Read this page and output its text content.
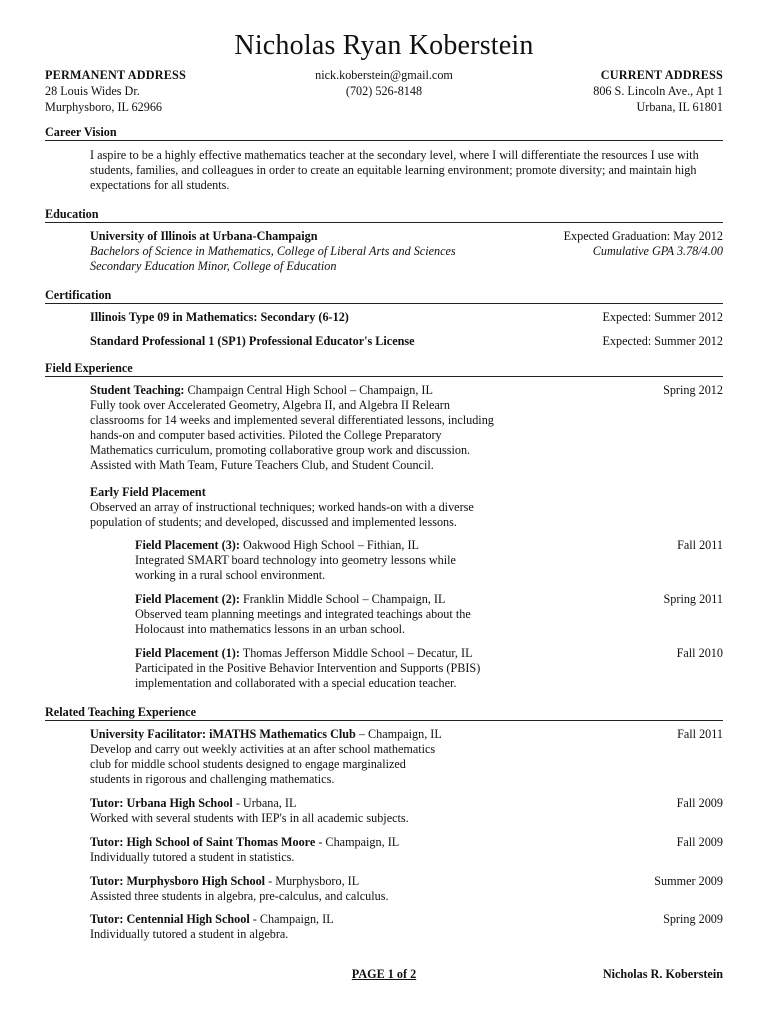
Nicholas Ryan Koberstein
PERMANENT ADDRESS
28 Louis Wides Dr.
Murphysboro, IL 62966
nick.koberstein@gmail.com
(702) 526-8148
CURRENT ADDRESS
806 S. Lincoln Ave., Apt 1
Urbana, IL 61801
Career Vision

I aspire to be a highly effective mathematics teacher at the secondary level, where I will differentiate the resources I use with students, families, and colleagues in order to create an equitable learning environment; promote diversity; and maintain high expectations for all students.

Education
University of Illinois at Urbana-Champaign	Expected Graduation: May 2012
Bachelors of Science in Mathematics, College of Liberal Arts and Sciences	Cumulative GPA 3.78/4.00
Secondary Education Minor, College of Education
Certification
Illinois Type 09 in Mathematics: Secondary (6-12)	Expected: Summer 2012
Standard Professional 1 (SP1) Professional Educator's License	Expected: Summer 2012
Field Experience
Student Teaching: Champaign Central High School – Champaign, IL	Spring 2012
Fully took over Accelerated Geometry, Algebra II, and Algebra II Relearn
classrooms for 14 weeks and implemented several differentiated lessons, including
hands-on and computer based activities. Piloted the College Preparatory
Mathematics curriculum, promoting collaborative group work and discussion.
Assisted with Math Team, Future Teachers Club, and Student Council.
Early Field Placement
Observed an array of instructional techniques; worked hands-on with a diverse
population of students; and developed, discussed and implemented lessons.
Field Placement (3): Oakwood High School – Fithian, IL	Fall 2011
Integrated SMART board technology into geometry lessons while
working in a rural school environment.
Field Placement (2): Franklin Middle School – Champaign, IL	Spring 2011
Observed team planning meetings and integrated teachings about the
Holocaust into mathematics lessons in an urban school.
Field Placement (1): Thomas Jefferson Middle School – Decatur, IL	Fall 2010
Participated in the Positive Behavior Intervention and Supports (PBIS)
implementation and collaborated with a special education teacher.
Related Teaching Experience
University Facilitator: iMATHS Mathematics Club – Champaign, IL	Fall 2011
Develop and carry out weekly activities at an after school mathematics
club for middle school students designed to engage marginalized
students in rigorous and challenging mathematics.
Tutor: Urbana High School - Urbana, IL	Fall 2009
Worked with several students with IEP's in all academic subjects.
Tutor: High School of Saint Thomas Moore - Champaign, IL	Fall 2009
Individually tutored a student in statistics.
Tutor: Murphysboro High School - Murphysboro, IL	Summer 2009
Assisted three students in algebra, pre-calculus, and calculus.
Tutor: Centennial High School - Champaign, IL	Spring 2009
Individually tutored a student in algebra.
PAGE 1 of 2	Nicholas R. Koberstein
